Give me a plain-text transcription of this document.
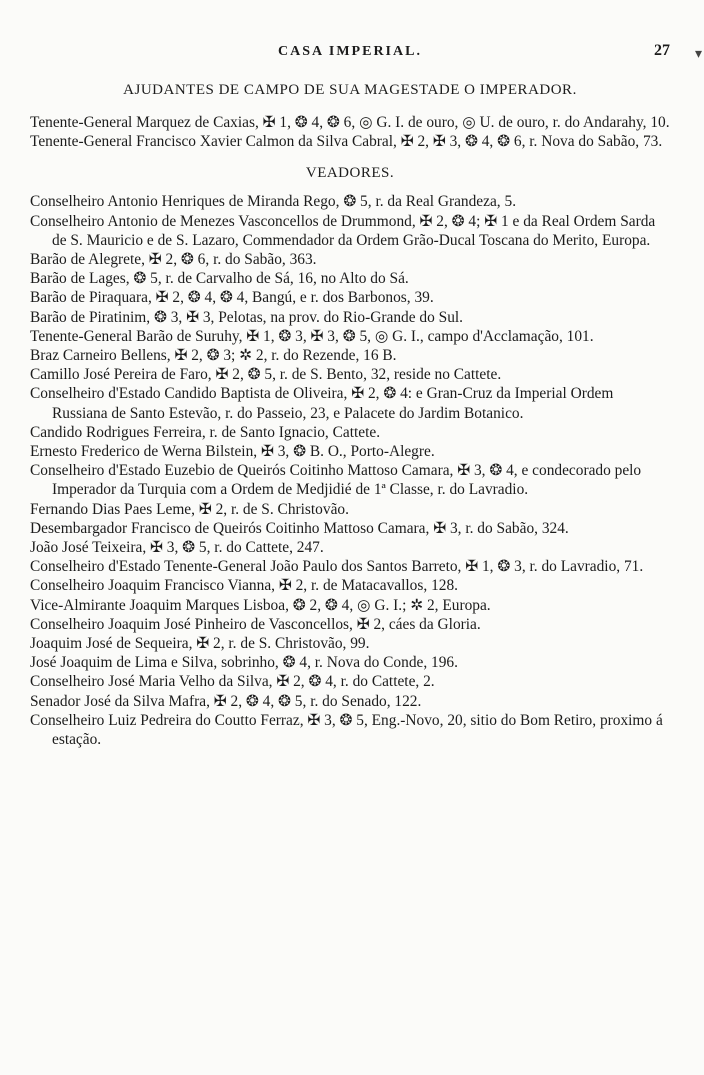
▾
CASA IMPERIAL.	27
AJUDANTES DE CAMPO DE SUA MAGESTADE O IMPERADOR.

Tenente-General Marquez de Caxias, ✠ 1, ❂ 4, ❂ 6, ◎ G. I. de ouro, ◎ U. de ouro, r. do Andarahy, 10.

Tenente-General Francisco Xavier Calmon da Silva Cabral, ✠ 2, ✠ 3, ❂ 4, ❂ 6, r. Nova do Sabão, 73.

VEADORES.

Conselheiro Antonio Henriques de Miranda Rego, ❂ 5, r. da Real Grandeza, 5.

Conselheiro Antonio de Menezes Vasconcellos de Drummond, ✠ 2, ❂ 4; ✠ 1 e da Real Ordem Sarda de S. Mauricio e de S. Lazaro, Commendador da Ordem Grão-Ducal Toscana do Merito, Europa.

Barão de Alegrete, ✠ 2, ❂ 6, r. do Sabão, 363.

Barão de Lages, ❂ 5, r. de Carvalho de Sá, 16, no Alto do Sá.

Barão de Piraquara, ✠ 2, ❂ 4, ❂ 4, Bangú, e r. dos Barbonos, 39.

Barão de Piratinim, ❂ 3, ✠ 3, Pelotas, na prov. do Rio-Grande do Sul.

Tenente-General Barão de Suruhy, ✠ 1, ❂ 3, ✠ 3, ❂ 5, ◎ G. I., campo d'Acclamação, 101.

Braz Carneiro Bellens, ✠ 2, ❂ 3; ✲ 2, r. do Rezende, 16 B.

Camillo José Pereira de Faro, ✠ 2, ❂ 5, r. de S. Bento, 32, reside no Cattete.

Conselheiro d'Estado Candido Baptista de Oliveira, ✠ 2, ❂ 4: e Gran-Cruz da Imperial Ordem Russiana de Santo Estevão, r. do Passeio, 23, e Palacete do Jardim Botanico.

Candido Rodrigues Ferreira, r. de Santo Ignacio, Cattete.

Ernesto Frederico de Werna Bilstein, ✠ 3, ❂ B. O., Porto-Alegre.

Conselheiro d'Estado Euzebio de Queirós Coitinho Mattoso Camara, ✠ 3, ❂ 4, e condecorado pelo Imperador da Turquia com a Ordem de Medjidié de 1ª Classe, r. do Lavradio.

Fernando Dias Paes Leme, ✠ 2, r. de S. Christovão.

Desembargador Francisco de Queirós Coitinho Mattoso Camara, ✠ 3, r. do Sabão, 324.

João José Teixeira, ✠ 3, ❂ 5, r. do Cattete, 247.

Conselheiro d'Estado Tenente-General João Paulo dos Santos Barreto, ✠ 1, ❂ 3, r. do Lavradio, 71.

Conselheiro Joaquim Francisco Vianna, ✠ 2, r. de Matacavallos, 128.

Vice-Almirante Joaquim Marques Lisboa, ❂ 2, ❂ 4, ◎ G. I.; ✲ 2, Europa.

Conselheiro Joaquim José Pinheiro de Vasconcellos, ✠ 2, cáes da Gloria.

Joaquim José de Sequeira, ✠ 2, r. de S. Christovão, 99.

José Joaquim de Lima e Silva, sobrinho, ❂ 4, r. Nova do Conde, 196.

Conselheiro José Maria Velho da Silva, ✠ 2, ❂ 4, r. do Cattete, 2.

Senador José da Silva Mafra, ✠ 2, ❂ 4, ❂ 5, r. do Senado, 122.

Conselheiro Luiz Pedreira do Coutto Ferraz, ✠ 3, ❂ 5, Eng.-Novo, 20, sitio do Bom Retiro, proximo á estação.
